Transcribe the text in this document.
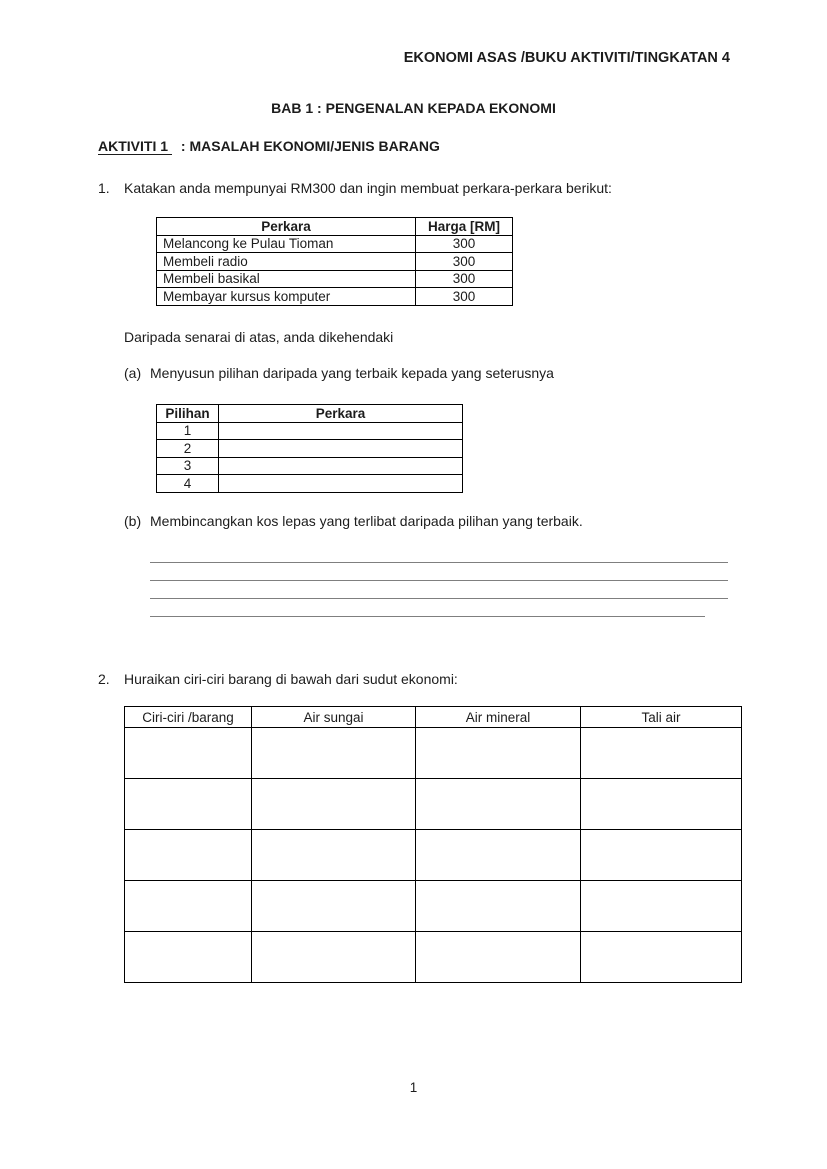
EKONOMI ASAS /BUKU AKTIVITI/TINGKATAN 4
BAB 1 : PENGENALAN KEPADA EKONOMI
AKTIVITI 1 : MASALAH EKONOMI/JENIS BARANG
1. Katakan anda mempunyai RM300 dan ingin membuat perkara-perkara berikut:
Perkara	Harga [RM]
Melancong ke Pulau Tioman	300
Membeli radio	300
Membeli basikal	300
Membayar kursus komputer	300
Daripada senarai di atas, anda dikehendaki
(a) Menyusun pilihan daripada yang terbaik kepada yang seterusnya
Pilihan	Perkara
1	
2	
3	
4	
(b) Membincangkan kos lepas yang terlibat daripada pilihan yang terbaik.
2. Huraikan ciri-ciri barang di bawah dari sudut ekonomi:
Ciri-ciri /barang	Air sungai	Air mineral	Tali air

1
